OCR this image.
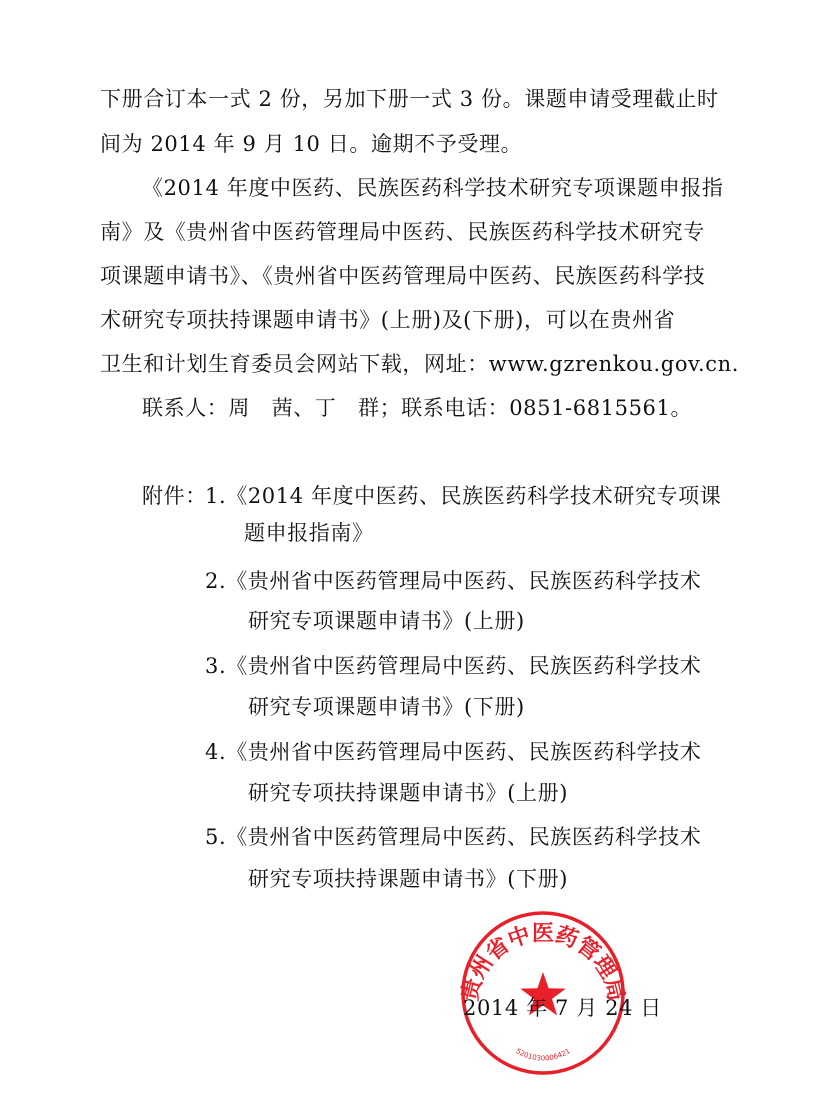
下册合订本一式 2 份，另加下册一式 3 份。课题申请受理截止时
间为 2014 年 9 月 10 日。逾期不予受理。
《2014 年度中医药、民族医药科学技术研究专项课题申报指
南》及《贵州省中医药管理局中医药、民族医药科学技术研究专
项课题申请书》、《贵州省中医药管理局中医药、民族医药科学技
术研究专项扶持课题申请书》(上册)及(下册)，可以在贵州省
卫生和计划生育委员会网站下载，网址：www.gzrenkou.gov.cn.
联系人：周　茜、丁　群；联系电话：0851-6815561。
附件：
1.《2014 年度中医药、民族医药科学技术研究专项课
题申报指南》
2.《贵州省中医药管理局中医药、民族医药科学技术
研究专项课题申请书》(上册)
3.《贵州省中医药管理局中医药、民族医药科学技术
研究专项课题申请书》(下册)
4.《贵州省中医药管理局中医药、民族医药科学技术
研究专项扶持课题申请书》(上册)
5.《贵州省中医药管理局中医药、民族医药科学技术
研究专项扶持课题申请书》(下册)
贵州省中医药管理局
5201030006421
2014 年 7 月 24 日
